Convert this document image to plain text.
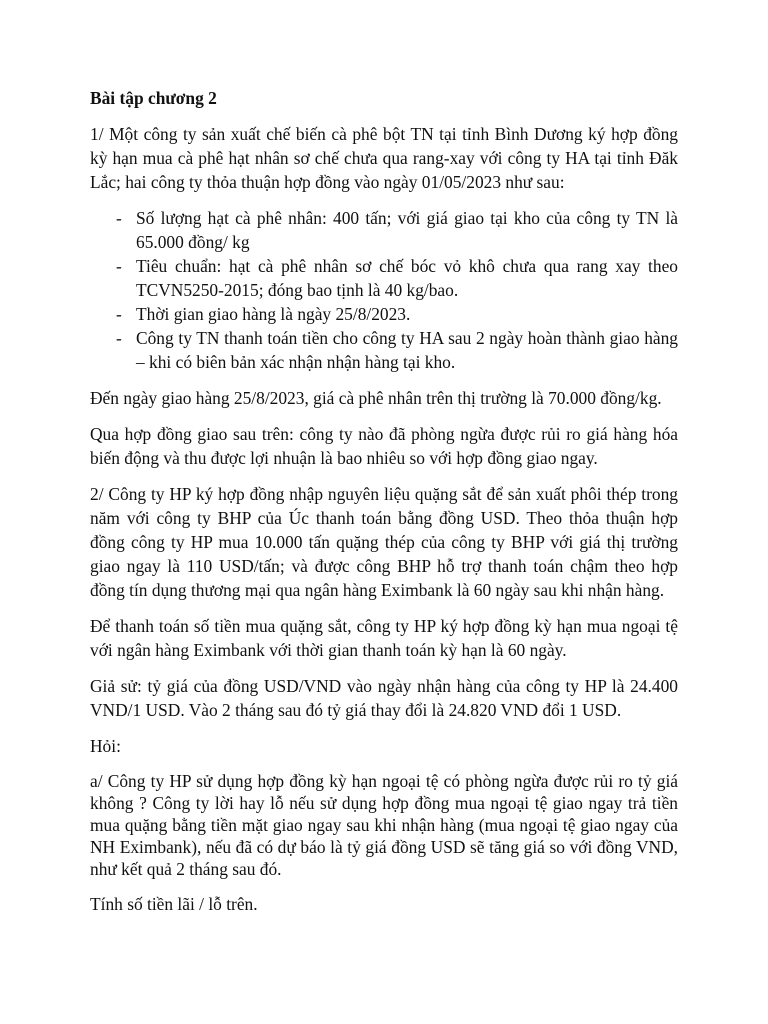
Bài tập chương 2

1/ Một công ty sản xuất chế biến cà phê bột TN tại tỉnh Bình Dương ký hợp đồng kỳ hạn mua cà phê hạt nhân sơ chế chưa qua rang-xay với công ty HA tại tỉnh Đăk Lắc; hai công ty thỏa thuận hợp đồng vào ngày 01/05/2023 như sau:

- Số lượng hạt cà phê nhân: 400 tấn; với giá giao tại kho của công ty TN là 65.000 đồng/ kg
- Tiêu chuẩn: hạt cà phê nhân sơ chế bóc vỏ khô chưa qua rang xay theo TCVN5250-2015; đóng bao tịnh là 40 kg/bao.
- Thời gian giao hàng là ngày 25/8/2023.
- Công ty TN thanh toán tiền cho công ty HA sau 2 ngày hoàn thành giao hàng – khi có biên bản xác nhận nhận hàng tại kho.

Đến ngày giao hàng 25/8/2023, giá cà phê nhân trên thị trường là 70.000 đồng/kg.

Qua hợp đồng giao sau trên: công ty nào đã phòng ngừa được rủi ro giá hàng hóa biến động và thu được lợi nhuận là bao nhiêu so với hợp đồng giao ngay.

2/ Công ty HP ký hợp đồng nhập nguyên liệu quặng sắt để sản xuất phôi thép trong năm với công ty BHP của Úc thanh toán bằng đồng USD. Theo thỏa thuận hợp đồng công ty HP mua 10.000 tấn quặng thép của công ty BHP với giá thị trường giao ngay là 110 USD/tấn; và được công BHP hỗ trợ thanh toán chậm theo hợp đồng tín dụng thương mại qua ngân hàng Eximbank là 60 ngày sau khi nhận hàng.

Để thanh toán số tiền mua quặng sắt, công ty HP ký hợp đồng kỳ hạn mua ngoại tệ với ngân hàng Eximbank với thời gian thanh toán kỳ hạn là 60 ngày.

Giả sử: tỷ giá của đồng USD/VND vào ngày nhận hàng của công ty HP là 24.400 VND/1 USD. Vào 2 tháng sau đó tỷ giá thay đổi là 24.820 VND đổi 1 USD.

Hỏi:

a/ Công ty HP sử dụng hợp đồng kỳ hạn ngoại tệ có phòng ngừa được rủi ro tỷ giá không ? Công ty lời hay lỗ nếu sử dụng hợp đồng mua ngoại tệ giao ngay trả tiền mua quặng bằng tiền mặt giao ngay sau khi nhận hàng (mua ngoại tệ giao ngay của NH Eximbank), nếu đã có dự báo là tỷ giá đồng USD sẽ tăng giá so với đồng VND, như kết quả 2 tháng sau đó.

Tính số tiền lãi / lỗ trên.
